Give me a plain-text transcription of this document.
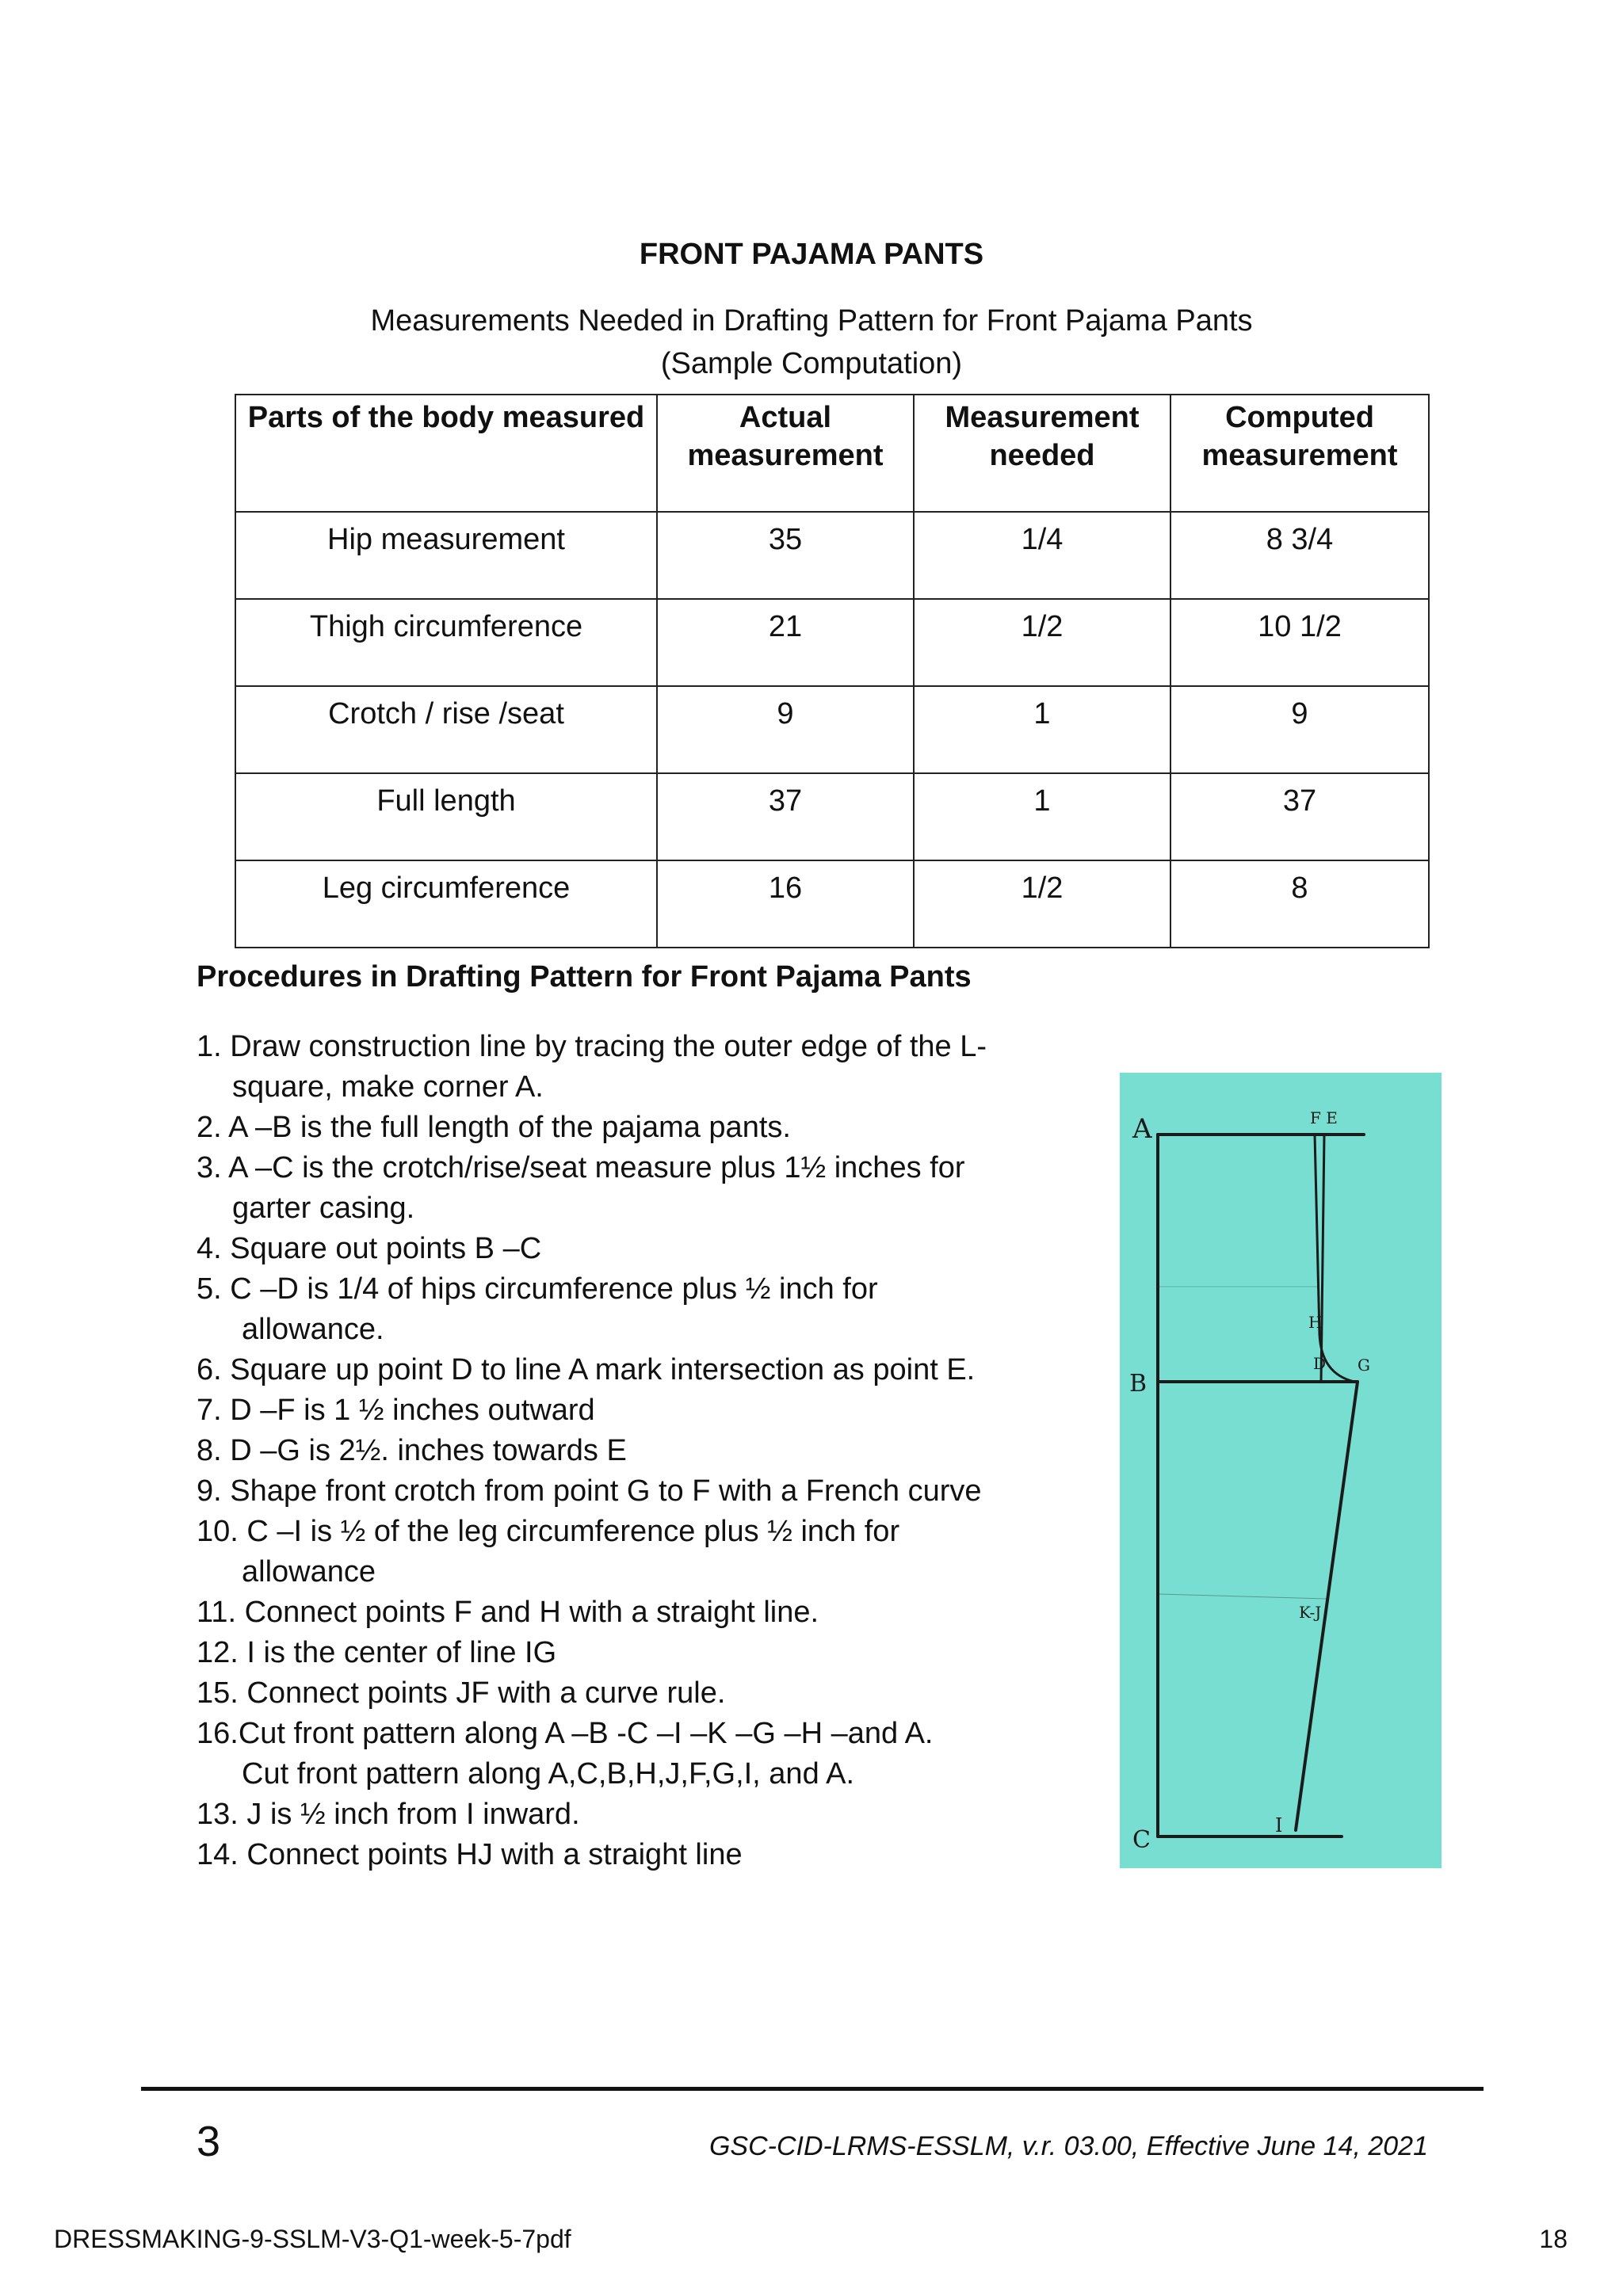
FRONT PAJAMA PANTS
Measurements Needed in Drafting Pattern for Front Pajama Pants
(Sample Computation)
Parts of the body measured	Actual measurement	Measurement needed	Computed measurement
Hip measurement	35	1/4	8 3/4
Thigh circumference	21	1/2	10 1/2
Crotch / rise /seat	9	1	9
Full length	37	1	37
Leg circumference	16	1/2	8
Procedures in Drafting Pattern for Front Pajama Pants
1. Draw construction line by tracing the outer edge of the L-
square, make corner A.
2. A –B is the full length of the pajama pants.
3. A –C is the crotch/rise/seat measure plus 1½ inches for
garter casing.
4. Square out points B –C
5. C –D is 1/4 of hips circumference plus ½ inch for
allowance.
6. Square up point D to line A mark intersection as point E.
7. D –F is 1 ½ inches outward
8. D –G is 2½. inches towards E
9. Shape front crotch from point G to F with a French curve
10. C –I is ½ of the leg circumference plus ½ inch for
allowance
11. Connect points F and H with a straight line.
12. I is the center of line IG
15. Connect points JF with a curve rule.
16.Cut front pattern along A –B -C –I –K –G –H –and A.
Cut front pattern along A,C,B,H,J,F,G,I, and A.
13. J is ½ inch from I inward.
14. Connect points HJ with a straight line
A	F E
H
D G
B
K-J
I
C
3	GSC-CID-LRMS-ESSLM, v.r. 03.00, Effective June 14, 2021
DRESSMAKING-9-SSLM-V3-Q1-week-5-7pdf	18
